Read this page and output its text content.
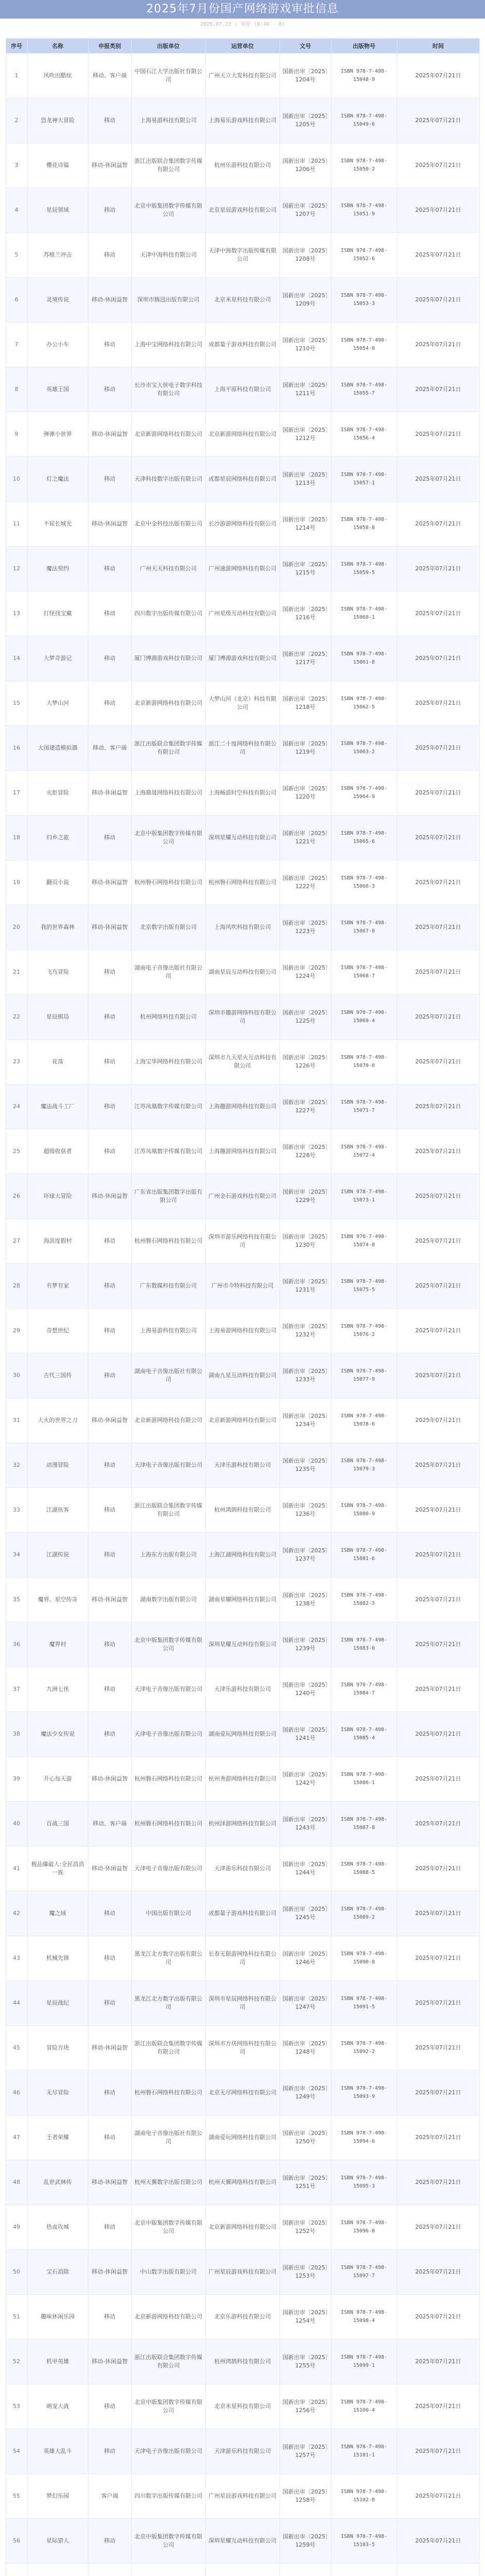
2025年7月份国产网络游戏审批信息
2025.07.22 | 审批 (8:46 · 8)
序号	名称	申报类别	出版单位	运营单位	文号	出版物号	时间
1	风吹出酷炫	移动、客户端	中国石江大学出版社有限公司	广州天立大发科技有限公司	国新出审〔2025〕1204号	ISBN 978-7-498-15048-9	2025年07月21日
2	恐龙神大冒险	移动	上海易游科技有限公司	上海易乐游戏科技有限公司	国新出审〔2025〕1205号	ISBN 978-7-498-15049-6	2025年07月21日
3	樱花诗篇	移动-休闲益智	浙江出版联合集团数字传媒有限公司	杭州乐游科技有限公司	国新出审〔2025〕1206号	ISBN 978-7-498-15050-2	2025年07月21日
4	星辰领域	移动	北京中版集团数字传媒有限公司	北京星辰游戏科技有限公司	国新出审〔2025〕1207号	ISBN 978-7-498-15051-9	2025年07月21日
5	苏格兰冲击	移动	天津中海科技有限公司	天津中海数字出版传媒有限公司	国新出审〔2025〕1208号	ISBN 978-7-498-15052-6	2025年07月21日
6	灵境传说	移动-休闲益智	深圳市腾迅出版有限公司	北京米星科技有限公司	国新出审〔2025〕1209号	ISBN 978-7-498-15053-3	2025年07月21日
7	办公小车	移动	上海中宝网络科技有限公司	成都量子游戏科技有限公司	国新出审〔2025〕1210号	ISBN 978-7-498-15054-0	2025年07月21日
8	英雄王国	移动	长沙市宝大侠电子数字科技有限公司	上海平原科技有限公司	国新出审〔2025〕1211号	ISBN 978-7-498-15055-7	2025年07月21日
9	弹弹小世界	移动-休闲益智	北京新游网络科技有限公司	北京新游网络科技有限公司	国新出审〔2025〕1212号	ISBN 978-7-498-15056-4	2025年07月21日
10	灯之魔法	移动	天津科技数字出版有限公司	成都星辰网络科技有限公司	国新出审〔2025〕1213号	ISBN 978-7-498-15057-1	2025年07月21日
11	不屈长城光	移动-休闲益智	北京中金科技出版有限公司	长沙游游网络科技有限公司	国新出审〔2025〕1214号	ISBN 978-7-498-15058-8	2025年07月21日
12	魔法契约	移动	广州天天科技有限公司	广州速游网络科技有限公司	国新出审〔2025〕1215号	ISBN 978-7-498-15059-5	2025年07月21日
13	打怪找宝藏	移动	四川数字出版传媒有限公司	广州星级互动科技有限公司	国新出审〔2025〕1216号	ISBN 978-7-498-15060-1	2025年07月21日
14	大梦奇游记	移动	厦门博源游戏科技有限公司	厦门博源游戏科技有限公司	国新出审〔2025〕1217号	ISBN 978-7-498-15061-8	2025年07月21日
15	大梦山河	移动	北京新游网络科技有限公司	大梦山河（北京）科技有限公司	国新出审〔2025〕1218号	ISBN 978-7-498-15062-5	2025年07月21日
16	大国建造模拟器	移动、客户端	浙江出版联合集团数字传媒有限公司	浙江二十度网络科技有限公司	国新出审〔2025〕1219号	ISBN 978-7-498-15063-2	2025年07月21日
17	火炬冒险	移动-休闲益智	上海鼎晟网络科技有限公司	上海畅游时空科技有限公司	国新出审〔2025〕1220号	ISBN 978-7-498-15064-9	2025年07月21日
18	归乡之旅	移动	北京中版集团数字传媒有限公司	深圳星耀互动科技有限公司	国新出审〔2025〕1221号	ISBN 978-7-498-15065-6	2025年07月21日
19	翻页小说	移动-休闲益智	杭州磐石网络科技有限公司	杭州磐石网络科技有限公司	国新出审〔2025〕1222号	ISBN 978-7-498-15066-3	2025年07月21日
20	我的世界森林	移动-休闲益智	北京数字出版有限公司	上海风吹科技有限公司	国新出审〔2025〕1223号	ISBN 978-7-498-15067-0	2025年07月21日
21	飞鸟冒险	移动	湖南电子音像出版社有限公司	湖南星辰互动科技有限公司	国新出审〔2025〕1224号	ISBN 978-7-498-15068-7	2025年07月21日
22	星辰棋局	移动	杭州网络科技有限公司	深圳市趣游网络科技有限公司	国新出审〔2025〕1225号	ISBN 978-7-498-15069-4	2025年07月21日
23	花落	移动	上海宝华网络科技有限公司	深圳市九天星火互动科技有限公司	国新出审〔2025〕1226号	ISBN 978-7-498-15070-0	2025年07月21日
24	魔法战斗工厂	移动	江苏凤凰数字传媒有限公司	上海趣游网络科技有限公司	国新出审〔2025〕1227号	ISBN 978-7-498-15071-7	2025年07月21日
25	超级收获者	移动	江苏凤凰数字传媒有限公司	上海趣游网络科技有限公司	国新出审〔2025〕1228号	ISBN 978-7-498-15072-4	2025年07月21日
26	环球大冒险	移动-休闲益智	广东省出版集团数字出版有限公司	广州金石游戏科技有限公司	国新出审〔2025〕1229号	ISBN 978-7-498-15073-1	2025年07月21日
27	海滨度假村	移动	杭州磐石网络科技有限公司	深圳市游乐网络科技有限公司	国新出审〔2025〕1230号	ISBN 978-7-498-15074-8	2025年07月21日
28	有梦有家	移动	广东数媒科技有限公司	广州市今特科技有限公司	国新出审〔2025〕1231号	ISBN 978-7-498-15075-5	2025年07月21日
29	奇想世纪	移动	上海易游科技有限公司	上海易游网络科技有限公司	国新出审〔2025〕1232号	ISBN 978-7-498-15076-2	2025年07月21日
30	古代三国传	移动	湖南电子音像出版社有限公司	湖南九星互动科技有限公司	国新出审〔2025〕1233号	ISBN 978-7-498-15077-9	2025年07月21日
31	大火的世界之刀	移动-休闲益智	北京新游网络科技有限公司	北京新游网络科技有限公司	国新出审〔2025〕1234号	ISBN 978-7-498-15078-6	2025年07月21日
32	动漫冒险	移动	天津电子音像出版有限公司	天津乐游科技有限公司	国新出审〔2025〕1235号	ISBN 978-7-498-15079-3	2025年07月21日
33	江湖侠客	移动	浙江出版联合集团数字传媒有限公司	杭州鸿鹄科技有限公司	国新出审〔2025〕1236号	ISBN 978-7-498-15080-9	2025年07月21日
34	江湖传说	移动	上海东方出版有限公司	上海江湖网络科技有限公司	国新出审〔2025〕1237号	ISBN 978-7-498-15081-6	2025年07月21日
35	魔界、星空传奇	移动-休闲益智	湖南数字出版有限公司	湖南星耀网络科技有限公司	国新出审〔2025〕1238号	ISBN 978-7-498-15082-3	2025年07月21日
36	魔界村	移动	北京中版集团数字传媒有限公司	深圳星耀互动科技有限公司	国新出审〔2025〕1239号	ISBN 978-7-498-15083-0	2025年07月21日
37	九洲七侠	移动	天津电子音像出版有限公司	天津乐游科技有限公司	国新出审〔2025〕1240号	ISBN 978-7-498-15084-7	2025年07月21日
38	魔法少女传说	移动	天津电子音像出版有限公司	湖南爱玩网络科技有限公司	国新出审〔2025〕1241号	ISBN 978-7-498-15085-4	2025年07月21日
39	开心每天游	移动-休闲益智	杭州磐石网络科技有限公司	杭州秀游网络科技有限公司	国新出审〔2025〕1242号	ISBN 978-7-498-15086-1	2025年07月21日
40	百战三国	移动、客户端	杭州磐石网络科技有限公司	杭州泽游网络科技有限公司	国新出审〔2025〕1243号	ISBN 978-7-498-15087-8	2025年07月21日
41	极品爆破人:全民消消一族	移动-休闲益智	天津电子音像出版有限公司	天津游乐科技有限公司	国新出审〔2025〕1244号	ISBN 978-7-498-15088-5	2025年07月21日
42	魔之域	移动	中国出版有限公司	成都量子游戏科技有限公司	国新出审〔2025〕1245号	ISBN 978-7-498-15089-2	2025年07月21日
43	机械先锋	移动	黑龙江北方数字出版有限公司	长春无限游网络科技有限公司	国新出审〔2025〕1246号	ISBN 978-7-498-15090-8	2025年07月21日
44	星辰战纪	移动	黑龙江北方数字出版有限公司	深圳市星辰网络科技有限公司	国新出审〔2025〕1247号	ISBN 978-7-498-15091-5	2025年07月21日
45	冒险方块	移动-休闲益智	浙江出版联合集团数字传媒有限公司	深圳市方块网络科技有限公司	国新出审〔2025〕1248号	ISBN 978-7-498-15092-2	2025年07月21日
46	无尽冒险	移动	杭州磐石网络科技有限公司	北京无尽网络科技有限公司	国新出审〔2025〕1249号	ISBN 978-7-498-15093-9	2025年07月21日
47	王者荣耀	移动	湖南电子音像出版社有限公司	湖南爱玩网络科技有限公司	国新出审〔2025〕1250号	ISBN 978-7-498-15094-6	2025年07月21日
48	乱世武林传	移动-休闲益智	杭州天翼数字出版有限公司	杭州天翼网络科技有限公司	国新出审〔2025〕1251号	ISBN 978-7-498-15095-3	2025年07月21日
49	热血攻城	移动	北京中版集团数字传媒有限公司	北京新游网络科技有限公司	国新出审〔2025〕1252号	ISBN 978-7-498-15096-0	2025年07月21日
50	宝石消除	移动-休闲益智	中山数字出版有限公司	广州星辰游戏科技有限公司	国新出审〔2025〕1253号	ISBN 978-7-498-15097-7	2025年07月21日
51	趣味休闲乐园	移动	北京新游网络科技有限公司	北京乐游科技有限公司	国新出审〔2025〕1254号	ISBN 978-7-498-15098-4	2025年07月21日
52	机甲英雄	移动-休闲益智	浙江出版联合集团数字传媒有限公司	杭州鸿鹄科技有限公司	国新出审〔2025〕1255号	ISBN 978-7-498-15099-1	2025年07月21日
53	萌宠大战	移动	北京中版集团数字传媒有限公司	北京米星科技有限公司	国新出审〔2025〕1256号	ISBN 978-7-498-15100-4	2025年07月21日
54	英雄大乱斗	移动	天津电子音像出版有限公司	天津游乐科技有限公司	国新出审〔2025〕1257号	ISBN 978-7-498-15101-1	2025年07月21日
55	梦幻乐园	客户端	四川数字出版传媒有限公司	广州星辰游戏科技有限公司	国新出审〔2025〕1258号	ISBN 978-7-498-15102-8	2025年07月21日
56	星际猎人	移动	北京中版集团数字传媒有限公司	深圳星耀互动科技有限公司	国新出审〔2025〕1259号	ISBN 978-7-498-15103-5	2025年07月21日
